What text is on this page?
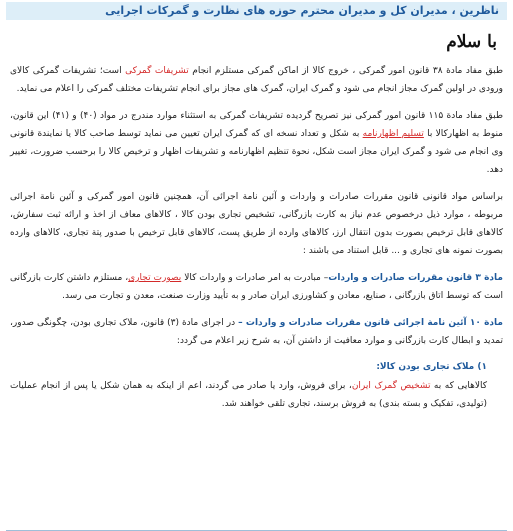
ناظرین ، مدیران کل و مدیران محترم حوزه های نظارت و گمرکات اجرایی
با سلام

طبق مفاد مادة ۳۸ قانون امور گمرکی ، خروج کالا از اماکن گمرکی مستلزم انجام تشریفات گمرکی است؛ تشریفات گمرکی کالای ورودی در اولین گمرک مجاز انجام می شود و گمرک ایران، گمرک های مجاز برای انجام تشریفات مختلف گمرکی را اعلام می نماید.

طبق مفاد مادة ۱۱۵ قانون امور گمرکی نیز تصریح گردیده تشریفات گمرکی به استثناء موارد مندرج در مواد (۴۰) و (۴۱) این قانون، منوط به اظهارکالا با تسلیم اظهارنامه به شکل و تعداد نسخه ای که گمرک ایران تعیین می نماید توسط صاحب کالا یا نمایندة قانونی وی انجام می شود و گمرک ایران مجاز است شکل، نحوة تنظیم اظهارنامه و تشریفات اظهار و ترخیص کالا را برحسب ضرورت، تغییر دهد.

براساس مواد قانونی قانون مقررات صادرات و واردات و آئین نامة اجرائی آن، همچنین قانون امور گمرکی و آئین نامة اجرائی مربوطه ، موارد ذیل درخصوص عدم نیاز به کارت بازرگانی، تشخیص تجاری بودن کالا ، کالاهای معاف از اخذ و ارائه ثبت سفارش، کالاهای قابل ترخیص بصورت بدون انتقال ارز، کالاهای وارده از طریق پست، کالاهای قابل ترخیص با صدور پتة تجاری، کالاهای وارده بصورت نمونه های تجاری و ... قابل استناد می باشند :

مادة ۳ قانون مقررات صادرات و واردات– مبادرت به امر صادرات و واردات کالا بصورت تجاری، مستلزم داشتن کارت بازرگانی است که توسط اتاق بازرگانی ، صنایع، معادن و کشاورزی ایران صادر و به تأیید وزارت صنعت، معدن و تجارت می رسد.

مادة ۱۰ آئین نامة اجرائی قانون مقررات صادرات و واردات – در اجرای مادة (۳) قانون، ملاک تجاری بودن، چگونگی صدور، تمدید و ابطال کارت بازرگانی و موارد معافیت از داشتن آن، به شرح زیر اعلام می گردد:

۱) ملاک تجاری بودن کالا:

کالاهایی که به تشخیص گمرک ایران، برای فروش، وارد یا صادر می گردند، اعم از اینکه به همان شکل یا پس از انجام عملیات (تولیدی، تفکیک و بسته بندی) به فروش برسند، تجاری تلقی خواهند شد.
